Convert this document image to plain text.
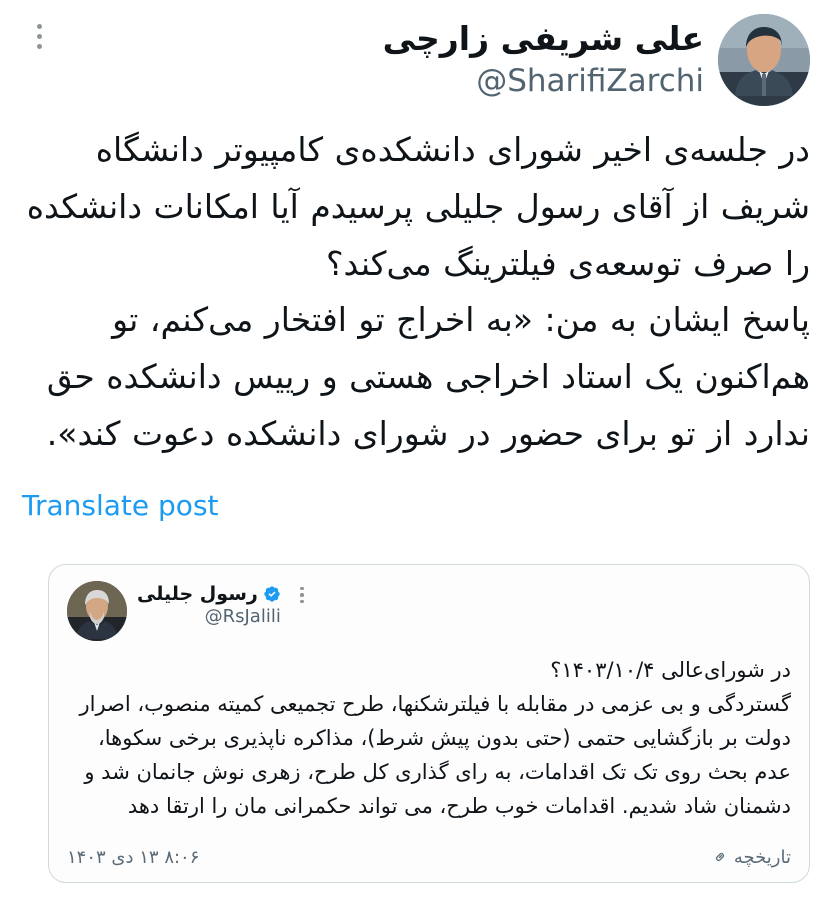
علی شریفی زارچی
@SharifiZarchi

در جلسه‌ی اخیر شورای دانشکده‌ی کامپیوتر دانشگاه شریف از آقای رسول جلیلی پرسیدم آیا امکانات دانشکده را صرف توسعه‌ی فیلترینگ می‌کند؟

پاسخ ایشان به من: «به اخراج تو افتخار می‌کنم، تو هم‌اکنون یک استاد اخراجی هستی و رییس دانشکده حق ندارد از تو برای حضور در شورای دانشکده دعوت کند».

Translate post
رسول جلیلی
@RsJalili

در شورای‌عالی ۱۴۰۳/۱۰/۴؟

گستردگی و بی عزمی در مقابله با فیلترشکنها، طرح تجمیعی کمیته منصوب، اصرار دولت بر بازگشایی حتمی (حتی بدون پیش شرط)، مذاکره ناپذیری برخی سکوها، عدم بحث روی تک تک اقدامات، به رای گذاری کل طرح، زهری نوش جانمان شد و دشمنان شاد شدیم. اقدامات خوب طرح، می تواند حکمرانی مان را ارتقا دهد

تاریخچه
۸:۰۶ ۱۳ دی ۱۴۰۳
